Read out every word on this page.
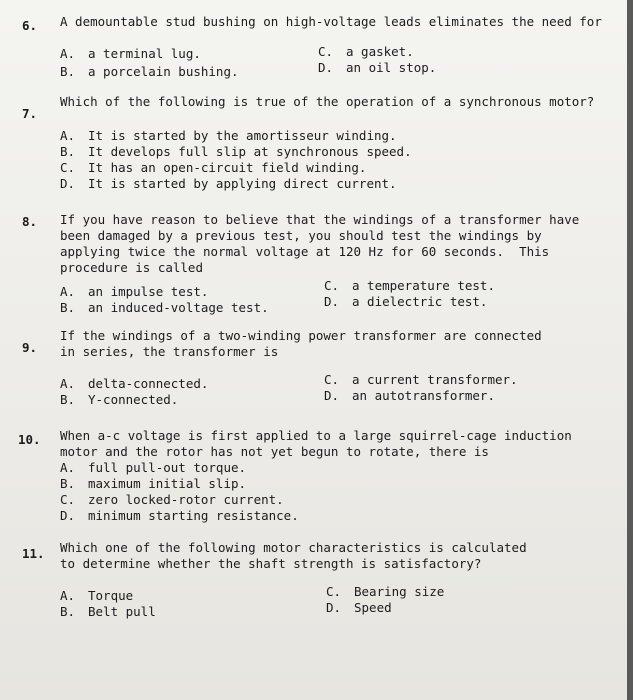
6. A demountable stud bushing on high-voltage leads eliminates the need for
A. a terminal lug.
B. a porcelain bushing.
C. a gasket.
D. an oil stop.
7.
Which of the following is true of the operation of a synchronous motor?
A. It is started by the amortisseur winding.
B. It develops full slip at synchronous speed.
C. It has an open-circuit field winding.
D. It is started by applying direct current.
8. If you have reason to believe that the windings of a transformer have
been damaged by a previous test, you should test the windings by
applying twice the normal voltage at 120 Hz for 60 seconds.  This
procedure is called
A. an impulse test.
B. an induced-voltage test.
C. a temperature test.
D. a dielectric test.
9.
If the windings of a two-winding power transformer are connected
in series, the transformer is
A. delta-connected.
B. Y-connected.
C. a current transformer.
D. an autotransformer.
10. When a-c voltage is first applied to a large squirrel-cage induction
motor and the rotor has not yet begun to rotate, there is
A. full pull-out torque.
B. maximum initial slip.
C. zero locked-rotor current.
D. minimum starting resistance.
11. Which one of the following motor characteristics is calculated
to determine whether the shaft strength is satisfactory?
A. Torque
B. Belt pull
C. Bearing size
D. Speed
